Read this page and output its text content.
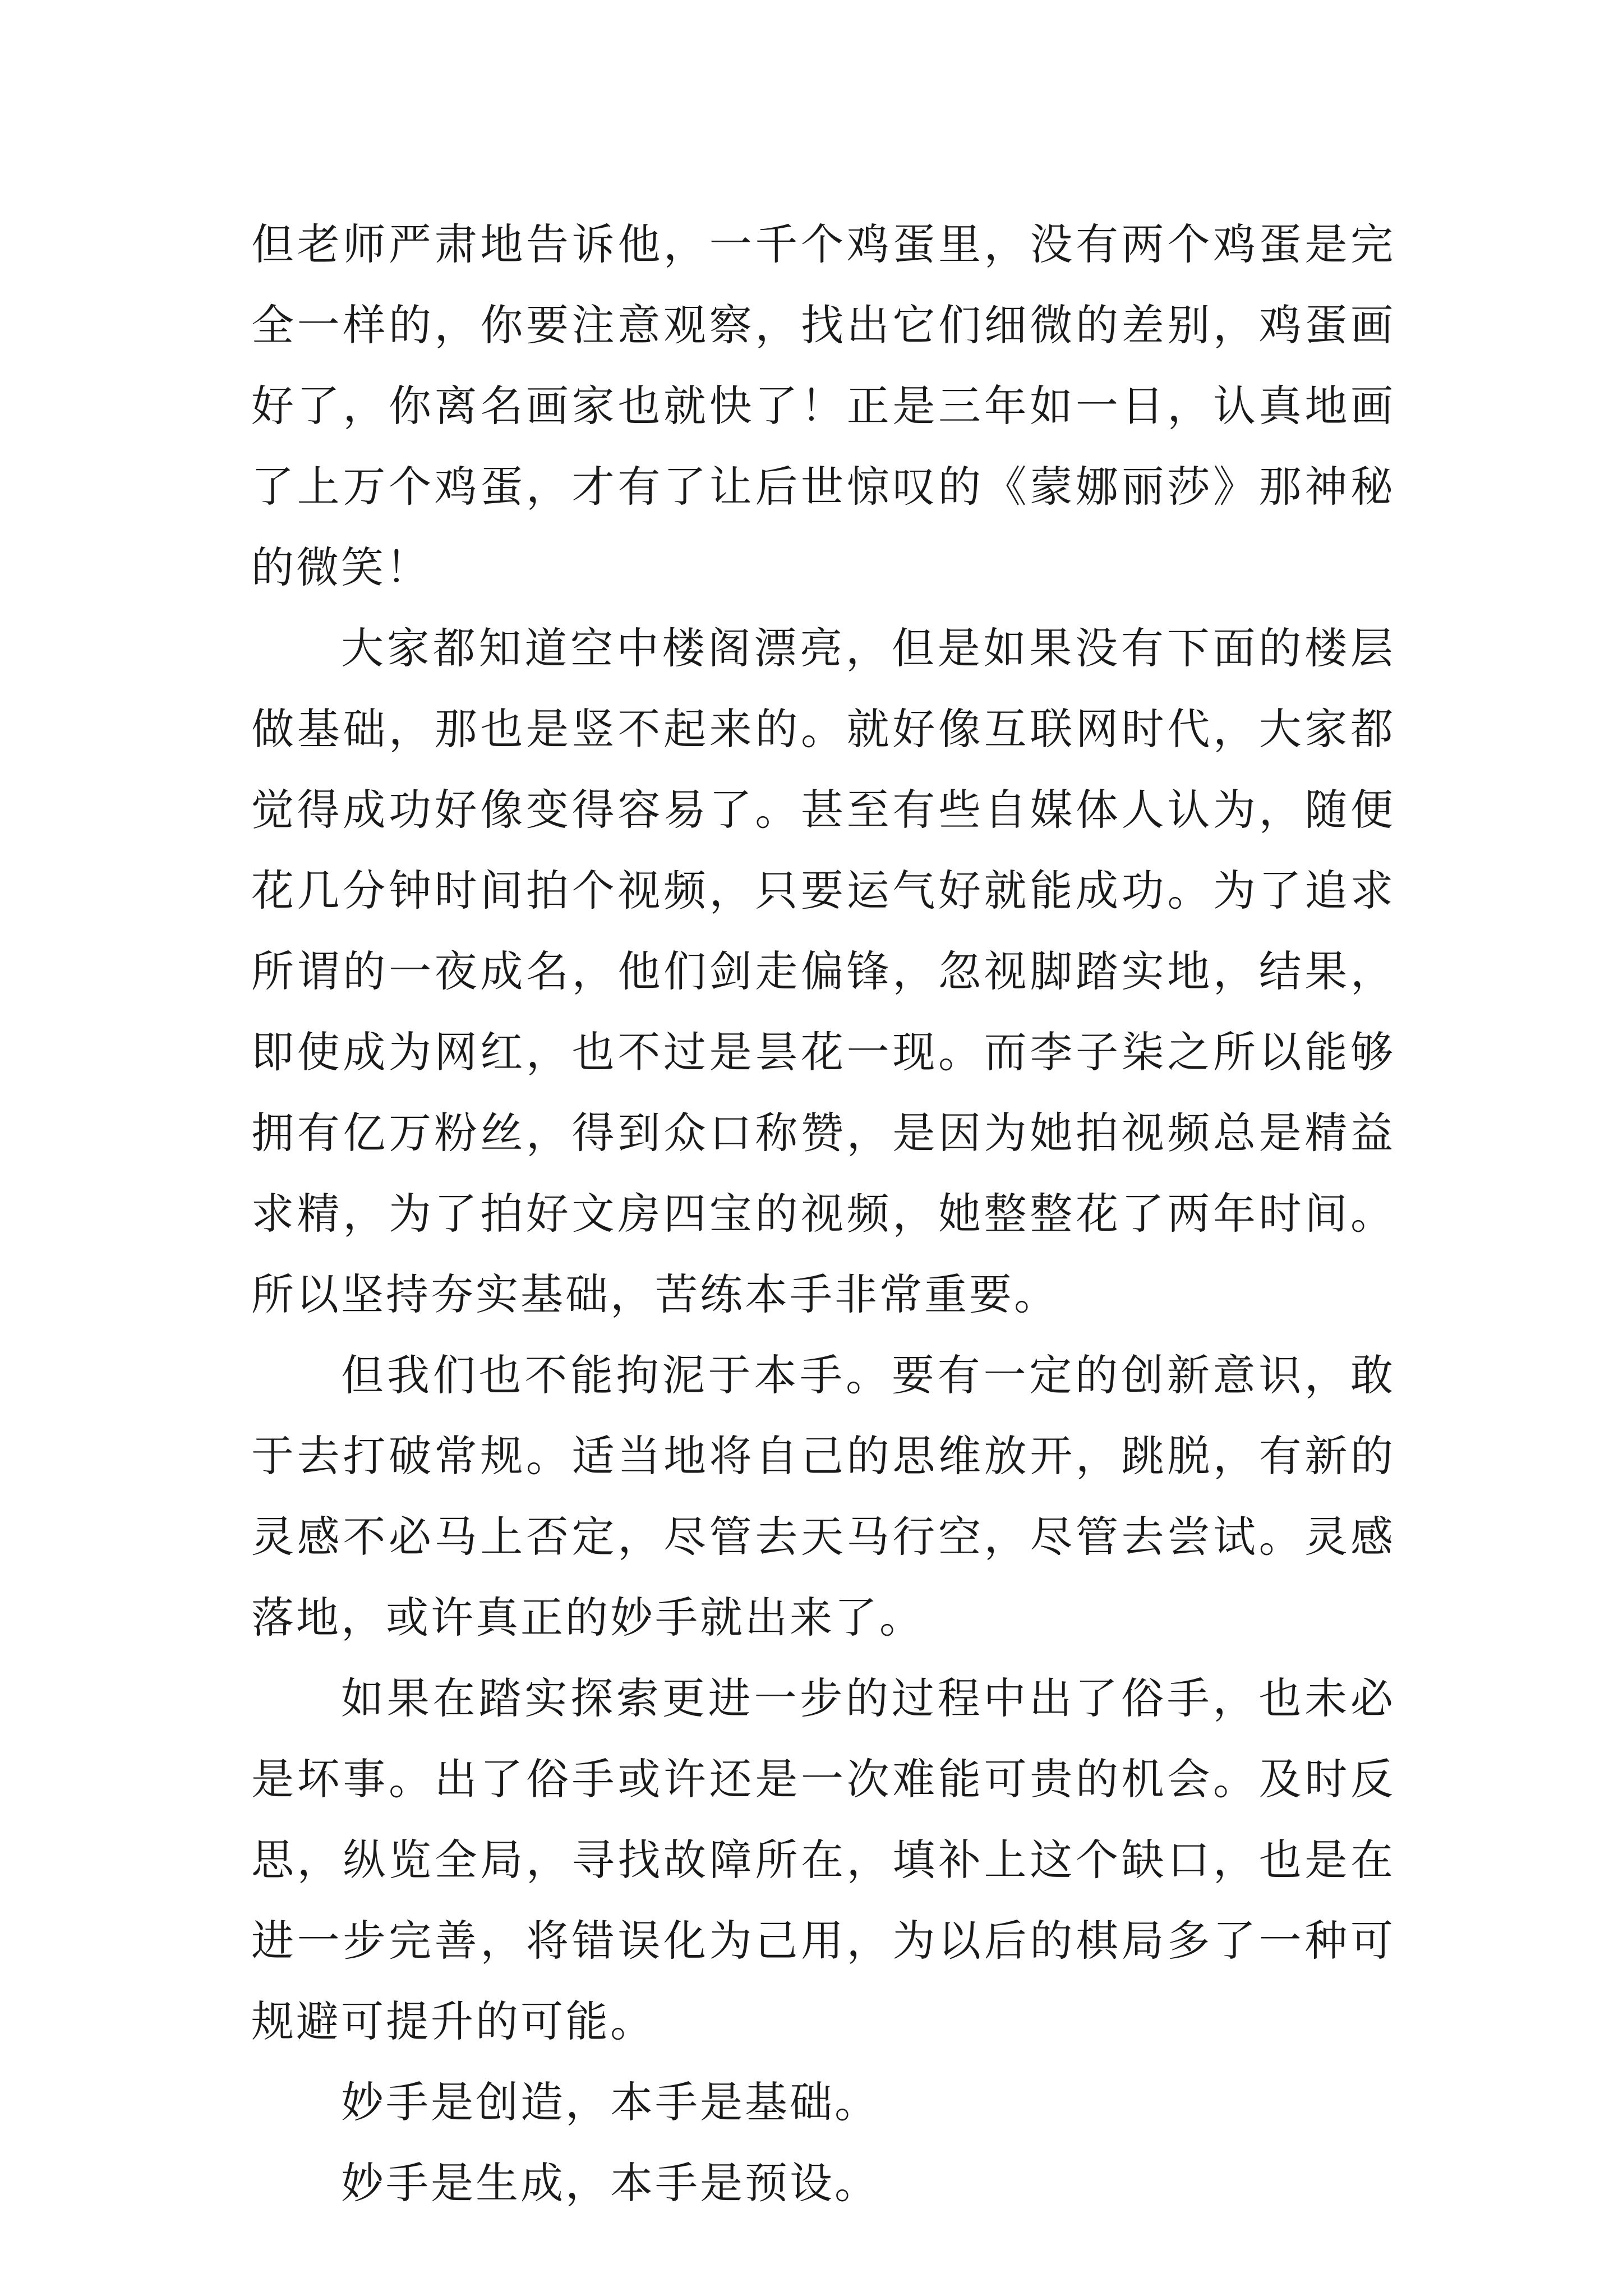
但老师严肃地告诉他，一千个鸡蛋里，没有两个鸡蛋是完全一样的，你要注意观察，找出它们细微的差别，鸡蛋画好了，你离名画家也就快了！正是三年如一日，认真地画了上万个鸡蛋，才有了让后世惊叹的《蒙娜丽莎》那神秘的微笑！

大家都知道空中楼阁漂亮，但是如果没有下面的楼层做基础，那也是竖不起来的。就好像互联网时代，大家都觉得成功好像变得容易了。甚至有些自媒体人认为，随便花几分钟时间拍个视频，只要运气好就能成功。为了追求所谓的一夜成名，他们剑走偏锋，忽视脚踏实地，结果，即使成为网红，也不过是昙花一现。而李子柒之所以能够拥有亿万粉丝，得到众口称赞，是因为她拍视频总是精益求精，为了拍好文房四宝的视频，她整整花了两年时间。所以坚持夯实基础，苦练本手非常重要。

但我们也不能拘泥于本手。要有一定的创新意识，敢于去打破常规。适当地将自己的思维放开，跳脱，有新的灵感不必马上否定，尽管去天马行空，尽管去尝试。灵感落地，或许真正的妙手就出来了。

如果在踏实探索更进一步的过程中出了俗手，也未必是坏事。出了俗手或许还是一次难能可贵的机会。及时反思，纵览全局，寻找故障所在，填补上这个缺口，也是在进一步完善，将错误化为己用，为以后的棋局多了一种可规避可提升的可能。

妙手是创造，本手是基础。

妙手是生成，本手是预设。
